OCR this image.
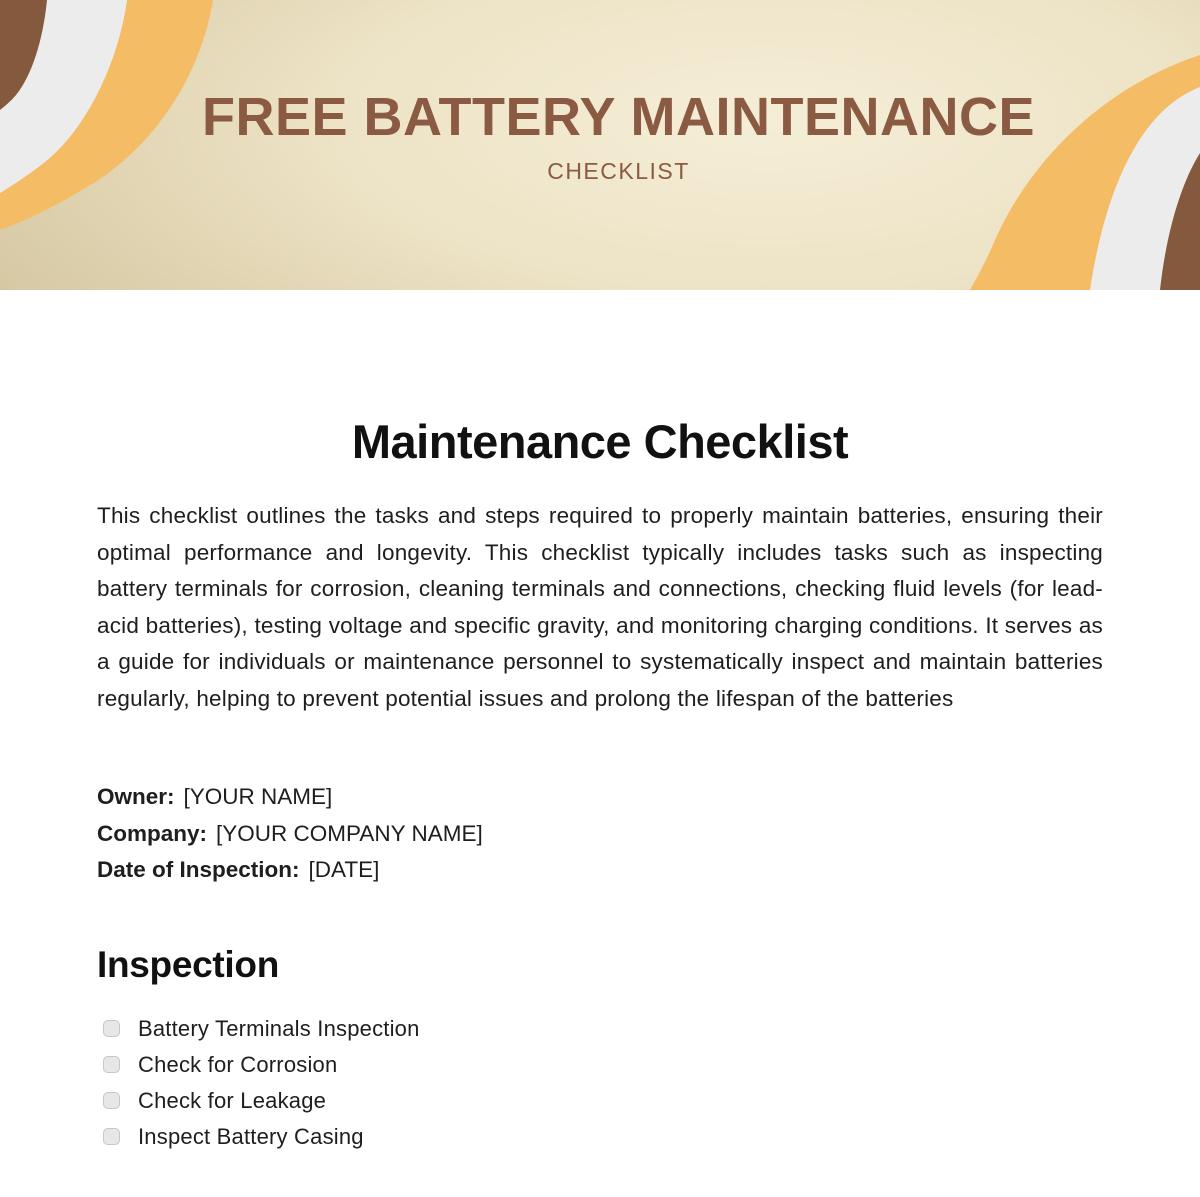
FREE BATTERY MAINTENANCE
CHECKLIST
Maintenance Checklist

This checklist outlines the tasks and steps required to properly maintain batteries, ensuring their optimal performance and longevity. This checklist typically includes tasks such as inspecting battery terminals for corrosion, cleaning terminals and connections, checking fluid levels (for lead-acid batteries), testing voltage and specific gravity, and monitoring charging conditions. It serves as a guide for individuals or maintenance personnel to systematically inspect and maintain batteries regularly, helping to prevent potential issues and prolong the lifespan of the batteries

Owner: [YOUR NAME]
Company: [YOUR COMPANY NAME]
Date of Inspection: [DATE]
Inspection
Battery Terminals Inspection
Check for Corrosion
Check for Leakage
Inspect Battery Casing
